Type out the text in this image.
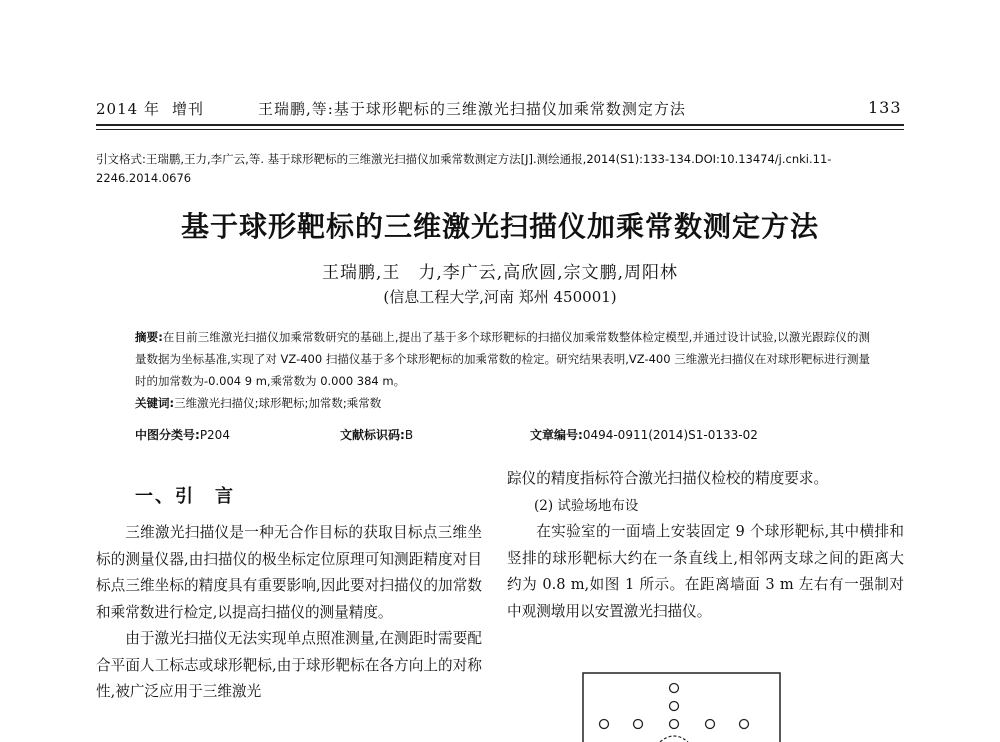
2014 年 增刊	王瑞鹏,等:基于球形靶标的三维激光扫描仪加乘常数测定方法	133
引文格式:王瑞鹏,王力,李广云,等. 基于球形靶标的三维激光扫描仪加乘常数测定方法[J].测绘通报,2014(S1):133-134.DOI:10.13474/j.cnki.11-2246.2014.0676
基于球形靶标的三维激光扫描仪加乘常数测定方法
王瑞鹏,王　力,李广云,高欣圆,宗文鹏,周阳林
(信息工程大学,河南 郑州 450001)
摘要:在目前三维激光扫描仪加乘常数研究的基础上,提出了基于多个球形靶标的扫描仪加乘常数整体检定模型,并通过设计试验,以激光跟踪仪的测量数据为坐标基准,实现了对 VZ-400 扫描仪基于多个球形靶标的加乘常数的检定。研究结果表明,VZ-400 三维激光扫描仪在对球形靶标进行测量时的加常数为-0.004 9 m,乘常数为 0.000 384 m。
关键词:三维激光扫描仪;球形靶标;加常数;乘常数
中图分类号:P204	文献标识码:B	文章编号:0494-0911(2014)S1-0133-02
一、引　言

三维激光扫描仪是一种无合作目标的获取目标点三维坐标的测量仪器,由扫描仪的极坐标定位原理可知测距精度对目标点三维坐标的精度具有重要影响,因此要对扫描仪的加常数和乘常数进行检定,以提高扫描仪的测量精度。

由于激光扫描仪无法实现单点照准测量,在测距时需要配合平面人工标志或球形靶标,由于球形靶标在各方向上的对称性,被广泛应用于三维激光

踪仪的精度指标符合激光扫描仪检校的精度要求。
(2) 试验场地布设

在实验室的一面墙上安装固定 9 个球形靶标,其中横排和竖排的球形靶标大约在一条直线上,相邻两支球之间的距离大约为 0.8 m,如图 1 所示。在距离墙面 3 m 左右有一强制对中观测墩用以安置激光扫描仪。
